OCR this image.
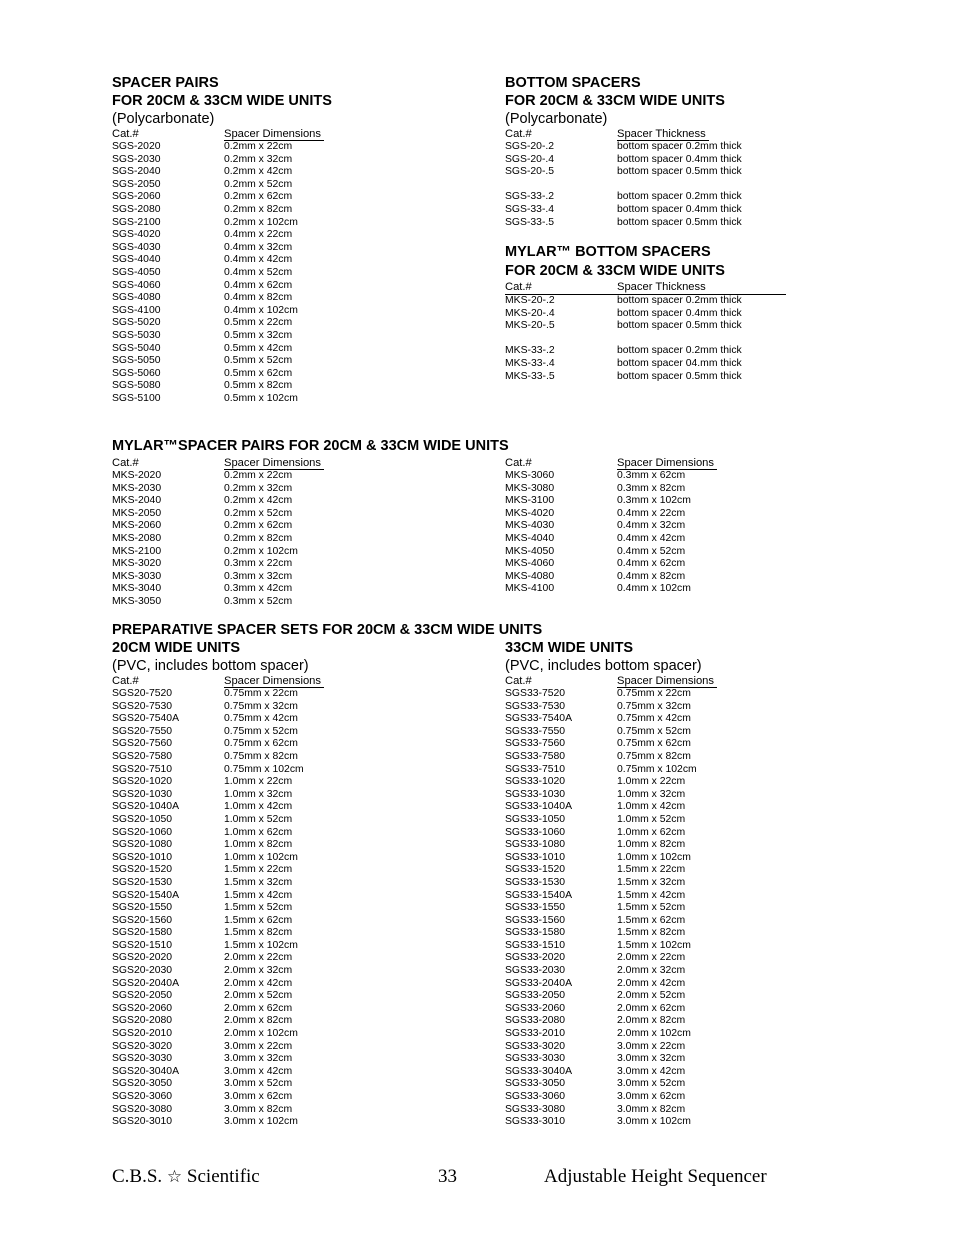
SPACER PAIRS
FOR 20CM & 33CM WIDE UNITS
(Polycarbonate)
Cat.#	Spacer Dimensions
SGS-2020	0.2mm x 22cm
SGS-2030	0.2mm x 32cm
SGS-2040	0.2mm x 42cm
SGS-2050	0.2mm x 52cm
SGS-2060	0.2mm x 62cm
SGS-2080	0.2mm x 82cm
SGS-2100	0.2mm x 102cm
SGS-4020	0.4mm x 22cm
SGS-4030	0.4mm x 32cm
SGS-4040	0.4mm x 42cm
SGS-4050	0.4mm x 52cm
SGS-4060	0.4mm x 62cm
SGS-4080	0.4mm x 82cm
SGS-4100	0.4mm x 102cm
SGS-5020	0.5mm x 22cm
SGS-5030	0.5mm x 32cm
SGS-5040	0.5mm x 42cm
SGS-5050	0.5mm x 52cm
SGS-5060	0.5mm x 62cm
SGS-5080	0.5mm x 82cm
SGS-5100	0.5mm x 102cm
BOTTOM SPACERS
FOR 20CM & 33CM WIDE UNITS
(Polycarbonate)
Cat.#	Spacer Thickness
SGS-20-.2	bottom spacer 0.2mm thick
SGS-20-.4	bottom spacer 0.4mm thick
SGS-20-.5	bottom spacer 0.5mm thick
SGS-33-.2	bottom spacer 0.2mm thick
SGS-33-.4	bottom spacer 0.4mm thick
SGS-33-.5	bottom spacer 0.5mm thick
MYLAR™ BOTTOM SPACERS
FOR 20CM & 33CM WIDE UNITS
Cat.#	Spacer Thickness
MKS-20-.2	bottom spacer 0.2mm thick
MKS-20-.4	bottom spacer 0.4mm thick
MKS-20-.5	bottom spacer 0.5mm thick
MKS-33-.2	bottom spacer 0.2mm thick
MKS-33-.4	bottom spacer 04.mm thick
MKS-33-.5	bottom spacer 0.5mm thick
MYLAR™SPACER PAIRS FOR 20CM & 33CM WIDE UNITS
Cat.#	Spacer Dimensions
MKS-2020	0.2mm x 22cm
MKS-2030	0.2mm x 32cm
MKS-2040	0.2mm x 42cm
MKS-2050	0.2mm x 52cm
MKS-2060	0.2mm x 62cm
MKS-2080	0.2mm x 82cm
MKS-2100	0.2mm x 102cm
MKS-3020	0.3mm x 22cm
MKS-3030	0.3mm x 32cm
MKS-3040	0.3mm x 42cm
MKS-3050	0.3mm x 52cm
Cat.#	Spacer Dimensions
MKS-3060	0.3mm x 62cm
MKS-3080	0.3mm x 82cm
MKS-3100	0.3mm x 102cm
MKS-4020	0.4mm x 22cm
MKS-4030	0.4mm x 32cm
MKS-4040	0.4mm x 42cm
MKS-4050	0.4mm x 52cm
MKS-4060	0.4mm x 62cm
MKS-4080	0.4mm x 82cm
MKS-4100	0.4mm x 102cm
PREPARATIVE SPACER SETS FOR 20CM & 33CM WIDE UNITS
20CM WIDE UNITS
(PVC, includes bottom spacer)
Cat.#	Spacer Dimensions
SGS20-7520	0.75mm x 22cm
SGS20-7530	0.75mm x 32cm
SGS20-7540A	0.75mm x 42cm
SGS20-7550	0.75mm x 52cm
SGS20-7560	0.75mm x 62cm
SGS20-7580	0.75mm x 82cm
SGS20-7510	0.75mm x 102cm
SGS20-1020	1.0mm x 22cm
SGS20-1030	1.0mm x 32cm
SGS20-1040A	1.0mm x 42cm
SGS20-1050	1.0mm x 52cm
SGS20-1060	1.0mm x 62cm
SGS20-1080	1.0mm x 82cm
SGS20-1010	1.0mm x 102cm
SGS20-1520	1.5mm x 22cm
SGS20-1530	1.5mm x 32cm
SGS20-1540A	1.5mm x 42cm
SGS20-1550	1.5mm x 52cm
SGS20-1560	1.5mm x 62cm
SGS20-1580	1.5mm x 82cm
SGS20-1510	1.5mm x 102cm
SGS20-2020	2.0mm x 22cm
SGS20-2030	2.0mm x 32cm
SGS20-2040A	2.0mm x 42cm
SGS20-2050	2.0mm x 52cm
SGS20-2060	2.0mm x 62cm
SGS20-2080	2.0mm x 82cm
SGS20-2010	2.0mm x 102cm
SGS20-3020	3.0mm x 22cm
SGS20-3030	3.0mm x 32cm
SGS20-3040A	3.0mm x 42cm
SGS20-3050	3.0mm x 52cm
SGS20-3060	3.0mm x 62cm
SGS20-3080	3.0mm x 82cm
SGS20-3010	3.0mm x 102cm
33CM WIDE UNITS
(PVC, includes bottom spacer)
Cat.#	Spacer Dimensions
SGS33-7520	0.75mm x 22cm
SGS33-7530	0.75mm x 32cm
SGS33-7540A	0.75mm x 42cm
SGS33-7550	0.75mm x 52cm
SGS33-7560	0.75mm x 62cm
SGS33-7580	0.75mm x 82cm
SGS33-7510	0.75mm x 102cm
SGS33-1020	1.0mm x 22cm
SGS33-1030	1.0mm x 32cm
SGS33-1040A	1.0mm x 42cm
SGS33-1050	1.0mm x 52cm
SGS33-1060	1.0mm x 62cm
SGS33-1080	1.0mm x 82cm
SGS33-1010	1.0mm x 102cm
SGS33-1520	1.5mm x 22cm
SGS33-1530	1.5mm x 32cm
SGS33-1540A	1.5mm x 42cm
SGS33-1550	1.5mm x 52cm
SGS33-1560	1.5mm x 62cm
SGS33-1580	1.5mm x 82cm
SGS33-1510	1.5mm x 102cm
SGS33-2020	2.0mm x 22cm
SGS33-2030	2.0mm x 32cm
SGS33-2040A	2.0mm x 42cm
SGS33-2050	2.0mm x 52cm
SGS33-2060	2.0mm x 62cm
SGS33-2080	2.0mm x 82cm
SGS33-2010	2.0mm x 102cm
SGS33-3020	3.0mm x 22cm
SGS33-3030	3.0mm x 32cm
SGS33-3040A	3.0mm x 42cm
SGS33-3050	3.0mm x 52cm
SGS33-3060	3.0mm x 62cm
SGS33-3080	3.0mm x 82cm
SGS33-3010	3.0mm x 102cm
C.B.S. ☆ Scientific	33	Adjustable Height Sequencer
